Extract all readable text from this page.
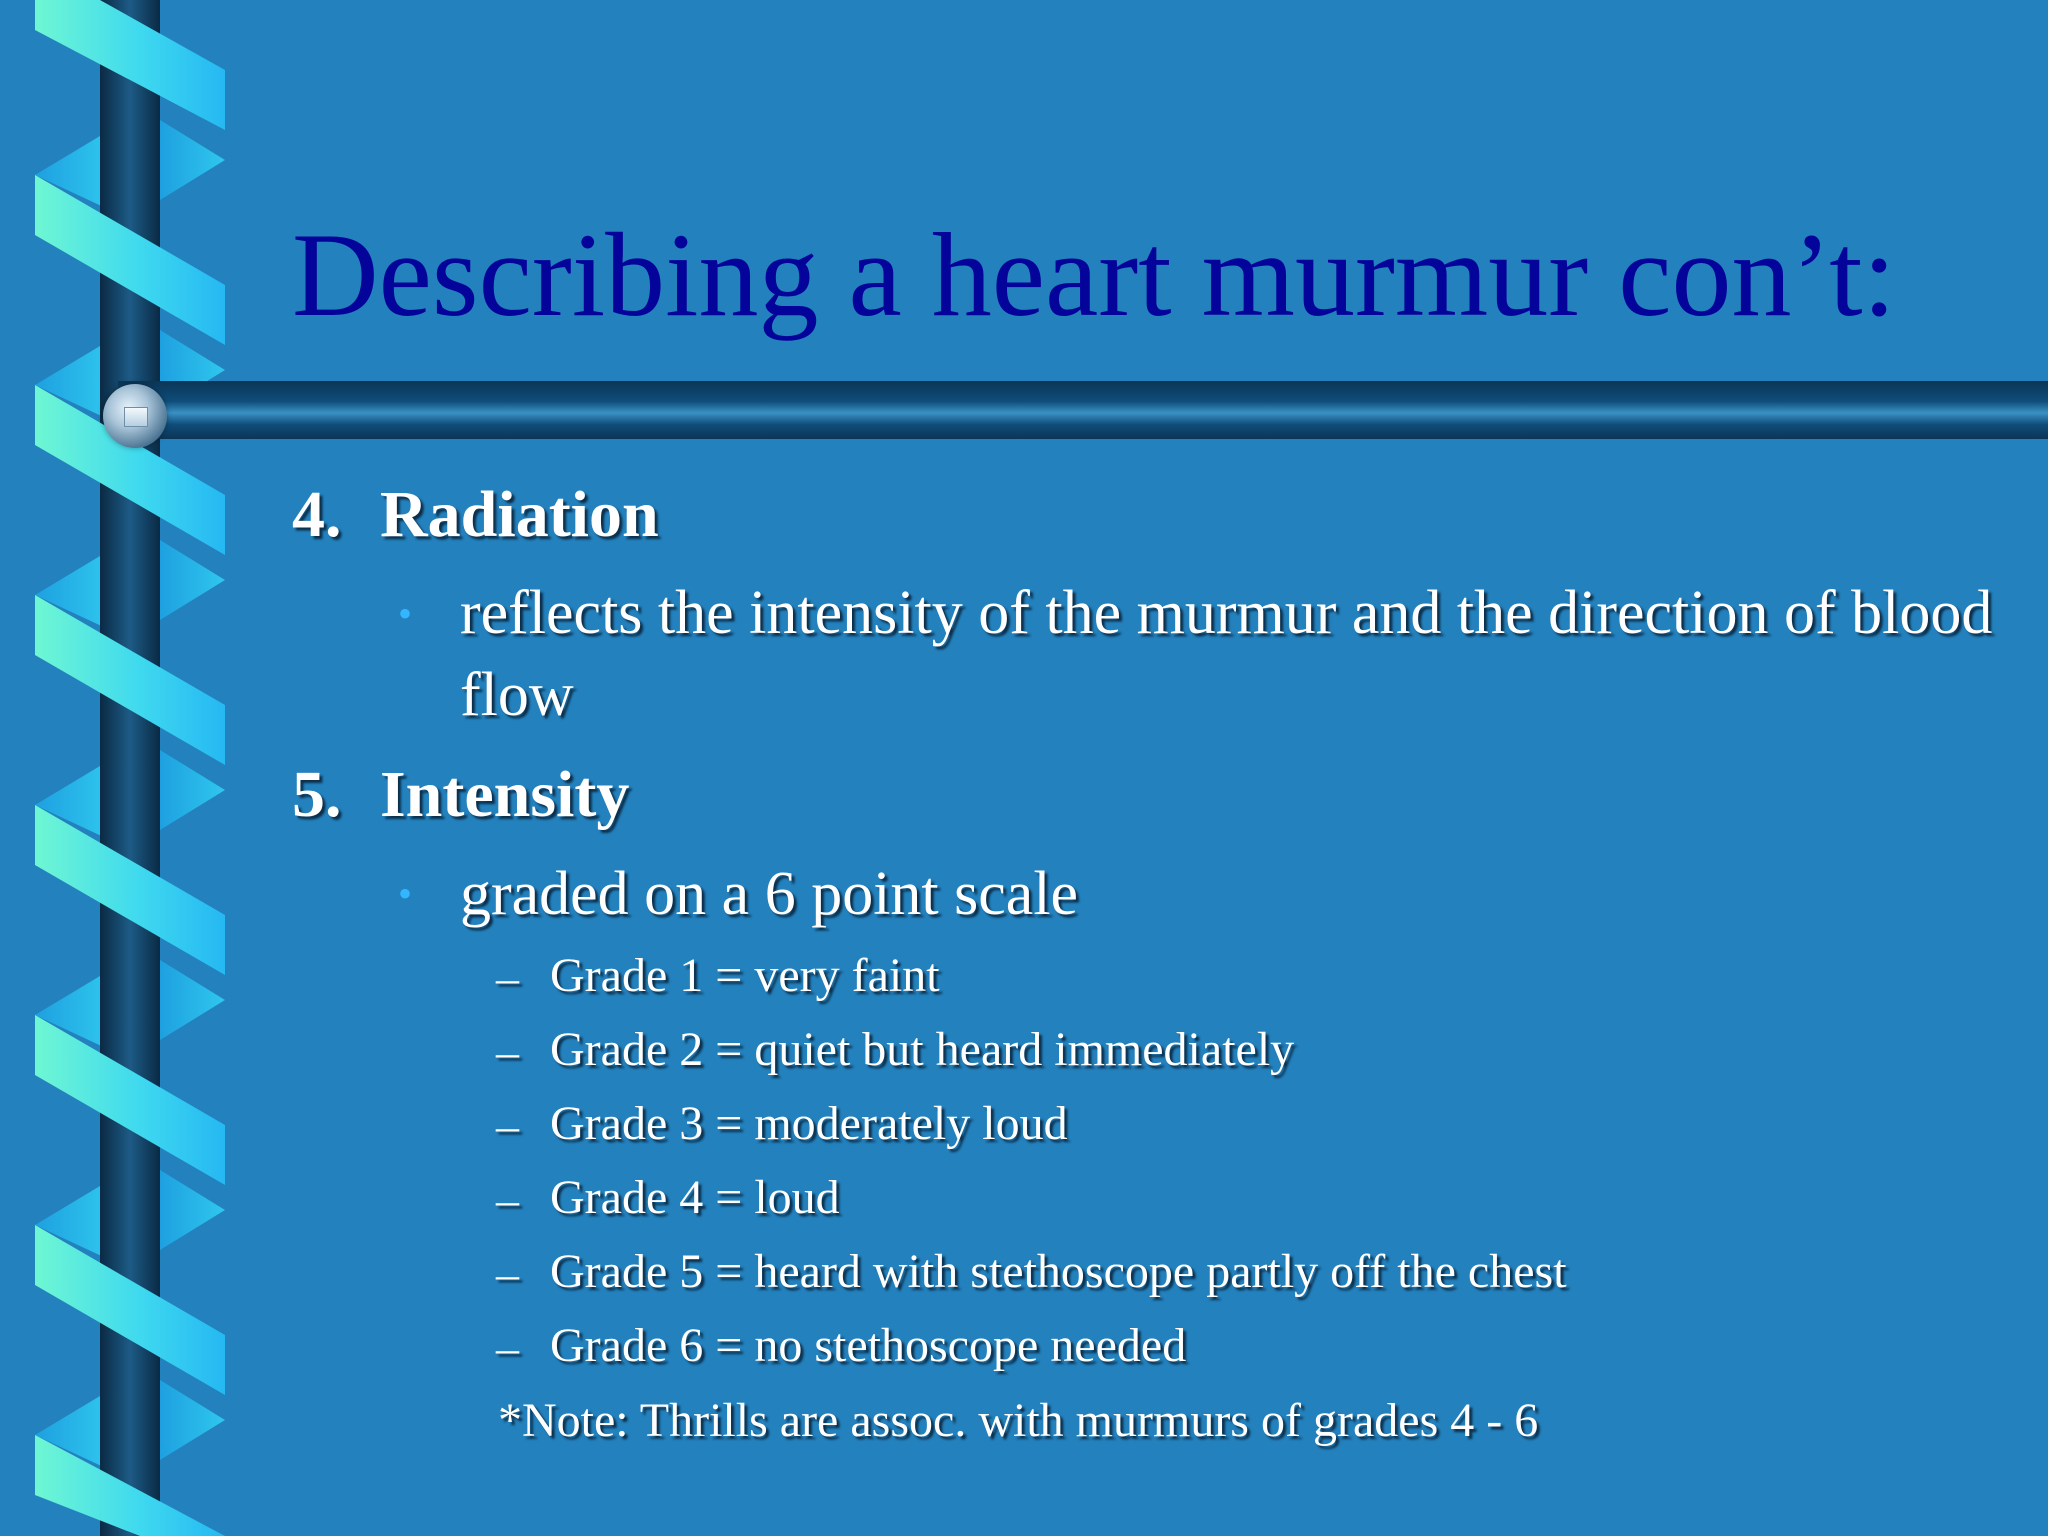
Describing a heart murmur con’t:
4. Radiation
• reflects the intensity of the murmur and the direction of blood flow
5. Intensity
• graded on a 6 point scale
– Grade 1 = very faint
– Grade 2 = quiet but heard immediately
– Grade 3 = moderately loud
– Grade 4 = loud
– Grade 5 = heard with stethoscope partly off the chest
– Grade 6 = no stethoscope needed
*Note: Thrills are assoc. with murmurs of grades 4 - 6
